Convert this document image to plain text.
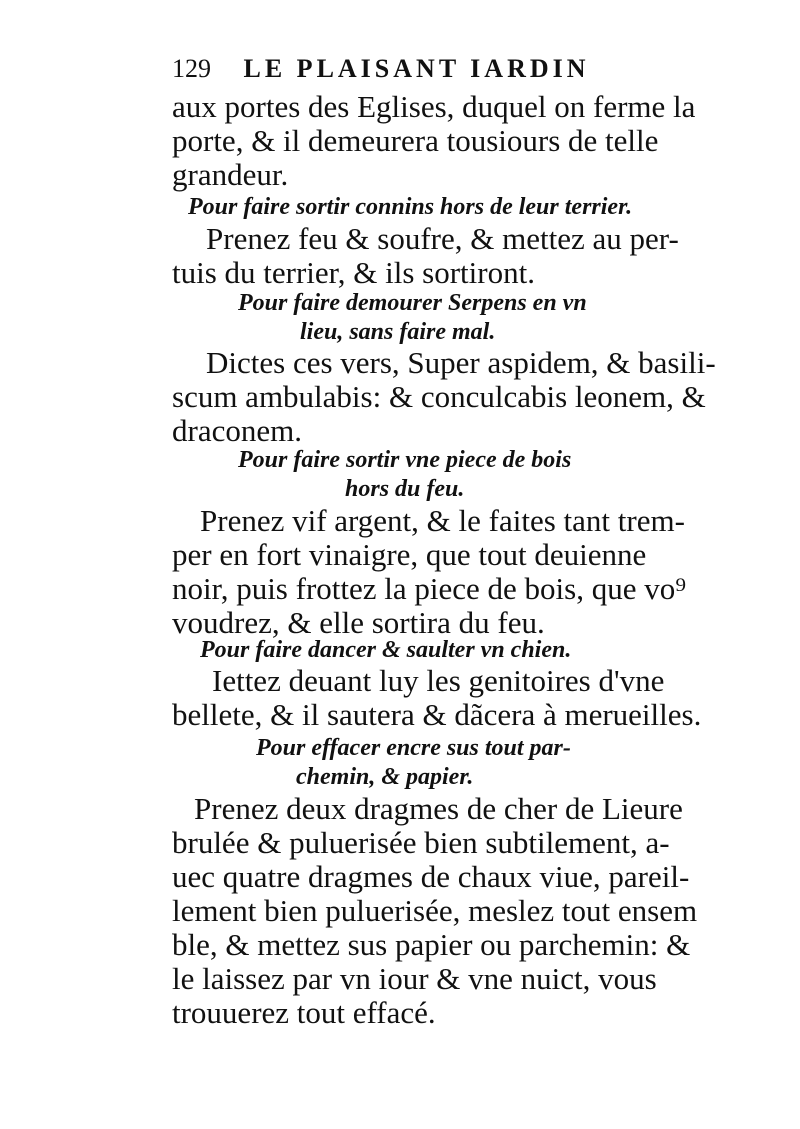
129 LE PLAISANT IARDIN
aux portes des Eglises, duquel on ferme la
porte, & il demeurera tousiours de telle
grandeur.
Pour faire sortir connins hors de leur terrier.
Prenez feu & soufre, & mettez au per-
tuis du terrier, & ils sortiront.
Pour faire demourer Serpens en vn
lieu, sans faire mal.
Dictes ces vers, Super aspidem, & basili-
scum ambulabis: & conculcabis leonem, &
draconem.
Pour faire sortir vne piece de bois
hors du feu.
Prenez vif argent, & le faites tant trem-
per en fort vinaigre, que tout deuienne
noir, puis frottez la piece de bois, que vo⁹
voudrez, & elle sortira du feu.
Pour faire dancer & saulter vn chien.
Iettez deuant luy les genitoires d'vne
bellete, & il sautera & dãcera à merueilles.
Pour effacer encre sus tout par-
chemin, & papier.
Prenez deux dragmes de cher de Lieure
brulée & puluerisée bien subtilement, a-
uec quatre dragmes de chaux viue, pareil-
lement bien puluerisée, meslez tout ensem
ble, & mettez sus papier ou parchemin: &
le laissez par vn iour & vne nuict, vous
trouuerez tout effacé.
